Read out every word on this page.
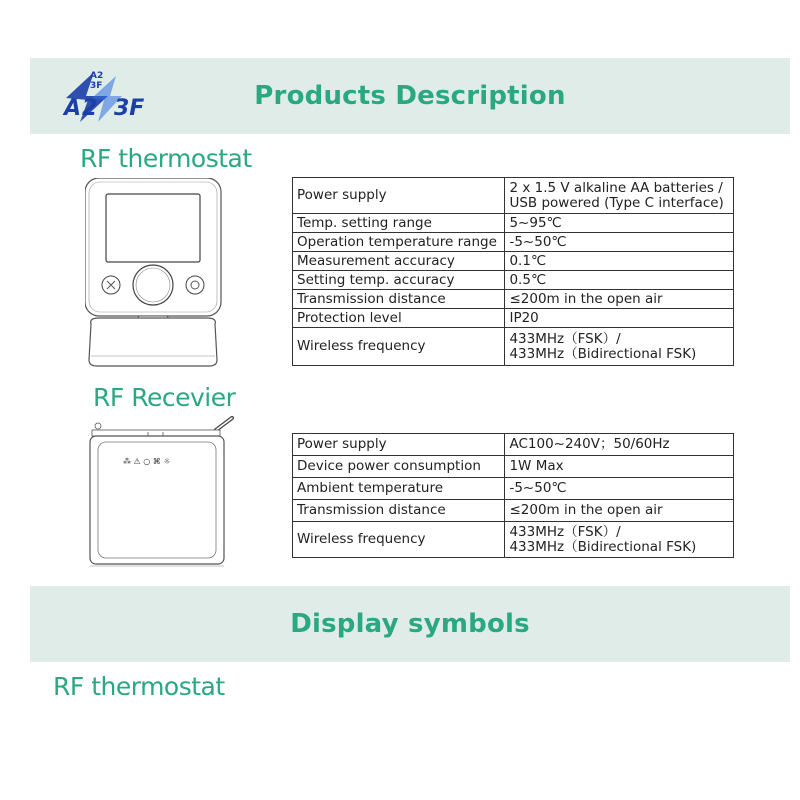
Products Description
A2
3F
A2 3F
RF thermostat
Power supply	2 x 1.5 V alkaline AA batteries /
USB powered (Type C interface)

Temp. setting range	5~95℃
Operation temperature range	-5~50℃
Measurement accuracy	0.1℃
Setting temp. accuracy	0.5℃
Transmission distance	≤200m in the open air
Protection level	IP20
Wireless frequency	433MHz（FSK）/
433MHz（Bidirectional FSK)
RF Recevier
⁂ ⚠ ○ ⌘ ☼
Power supply	AC100~240V；50/60Hz
Device power consumption	1W Max
Ambient temperature	-5~50℃
Transmission distance	≤200m in the open air
Wireless frequency	433MHz（FSK）/
433MHz（Bidirectional FSK)
Display symbols
RF thermostat
